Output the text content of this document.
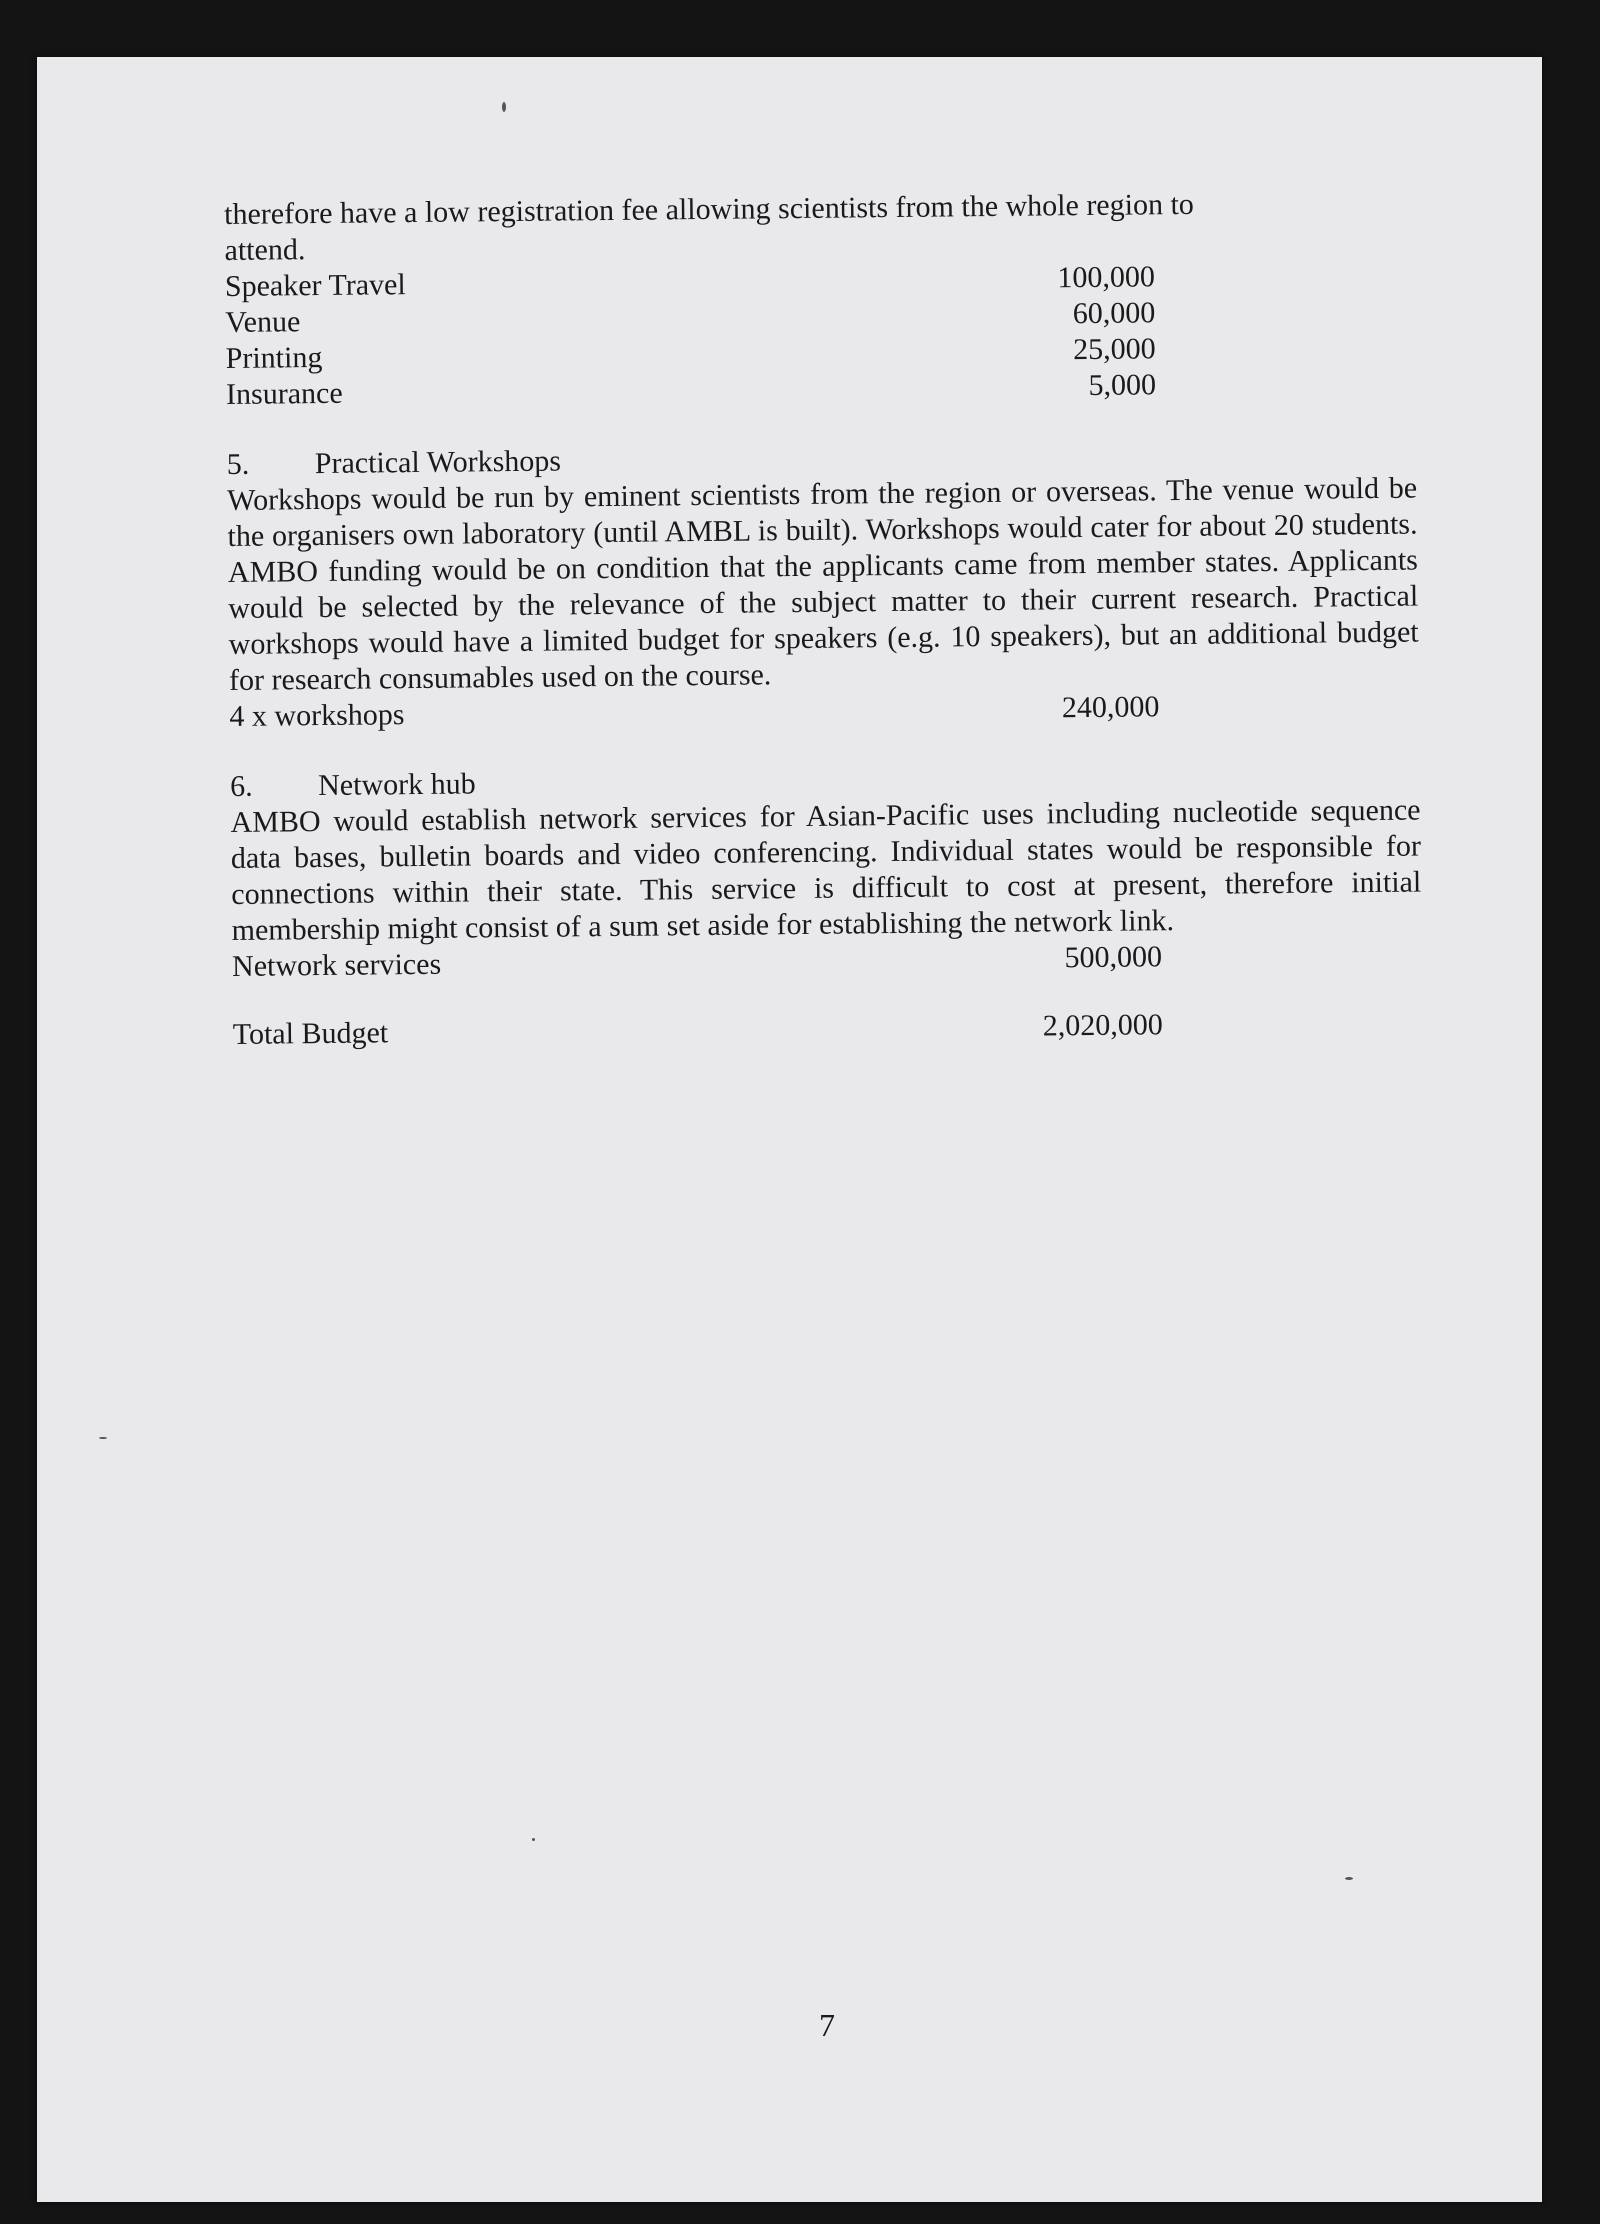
therefore have a low registration fee allowing scientists from the whole region to

attend.

Speaker Travel	100,000
Venue	60,000
Printing	25,000
Insurance	5,000
5. Practical Workshops

Workshops would be run by eminent scientists from the region or overseas. The venue would be the organisers own laboratory (until AMBL is built). Workshops would cater for about 20 students. AMBO funding would be on condition that the applicants came from member states. Applicants would be selected by the relevance of the subject matter to their current research. Practical workshops would have a limited budget for speakers (e.g. 10 speakers), but an additional budget for research consumables used on the course.

4 x workshops	240,000
6. Network hub

AMBO would establish network services for Asian-Pacific uses including nucleotide sequence data bases, bulletin boards and video conferencing. Individual states would be responsible for connections within their state. This service is difficult to cost at present, therefore initial membership might consist of a sum set aside for establishing the network link.

Network services	500,000
Total Budget	2,020,000
7
